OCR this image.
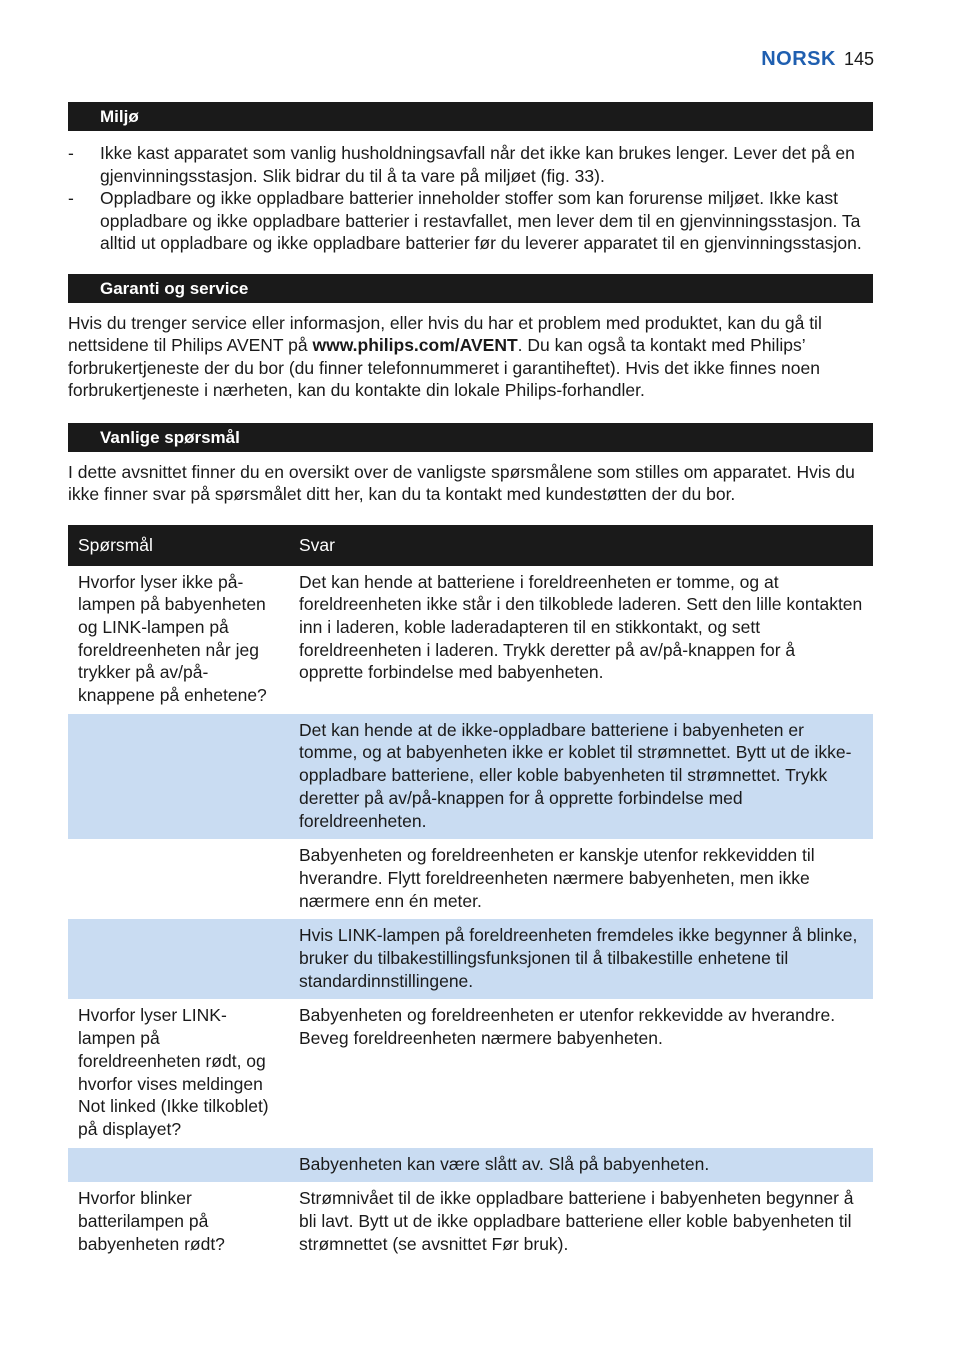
NORSK 145
Miljø
- Ikke kast apparatet som vanlig husholdningsavfall når det ikke kan brukes lenger. Lever det på en gjenvinningsstasjon. Slik bidrar du til å ta vare på miljøet (fig. 33).
- Oppladbare og ikke oppladbare batterier inneholder stoffer som kan forurense miljøet. Ikke kast oppladbare og ikke oppladbare batterier i restavfallet, men lever dem til en gjenvinningsstasjon. Ta alltid ut oppladbare og ikke oppladbare batterier før du leverer apparatet til en gjenvinningsstasjon.
Garanti og service

Hvis du trenger service eller informasjon, eller hvis du har et problem med produktet, kan du gå til nettsidene til Philips AVENT på www.philips.com/AVENT. Du kan også ta kontakt med Philips’ forbrukertjeneste der du bor (du finner telefonnummeret i garantiheftet). Hvis det ikke finnes noen forbrukertjeneste i nærheten, kan du kontakte din lokale Philips-forhandler.

Vanlige spørsmål

I dette avsnittet finner du en oversikt over de vanligste spørsmålene som stilles om apparatet. Hvis du ikke finner svar på spørsmålet ditt her, kan du ta kontakt med kundestøtten der du bor.

Spørsmål	Svar
Hvorfor lyser ikke på-lampen på babyenheten og LINK-lampen på foreldreenheten når jeg trykker på av/på-knappene på enhetene?	Det kan hende at batteriene i foreldreenheten er tomme, og at foreldreenheten ikke står i den tilkoblede laderen. Sett den lille kontakten inn i laderen, koble laderadapteren til en stikkontakt, og sett foreldreenheten i laderen. Trykk deretter på av/på-knappen for å opprette forbindelse med babyenheten.
	Det kan hende at de ikke-oppladbare batteriene i babyenheten er tomme, og at babyenheten ikke er koblet til strømnettet. Bytt ut de ikke-oppladbare batteriene, eller koble babyenheten til strømnettet. Trykk deretter på av/på-knappen for å opprette forbindelse med foreldreenheten.
	Babyenheten og foreldreenheten er kanskje utenfor rekkevidden til hverandre. Flytt foreldreenheten nærmere babyenheten, men ikke nærmere enn én meter.
	Hvis LINK-lampen på foreldreenheten fremdeles ikke begynner å blinke, bruker du tilbakestillingsfunksjonen til å tilbakestille enhetene til standardinnstillingene.
Hvorfor lyser LINK-lampen på foreldreenheten rødt, og hvorfor vises meldingen Not linked (Ikke tilkoblet) på displayet?	Babyenheten og foreldreenheten er utenfor rekkevidde av hverandre. Beveg foreldreenheten nærmere babyenheten.
	Babyenheten kan være slått av. Slå på babyenheten.
Hvorfor blinker batterilampen på babyenheten rødt?	Strømnivået til de ikke oppladbare batteriene i babyenheten begynner å bli lavt. Bytt ut de ikke oppladbare batteriene eller koble babyenheten til strømnettet (se avsnittet Før bruk).
